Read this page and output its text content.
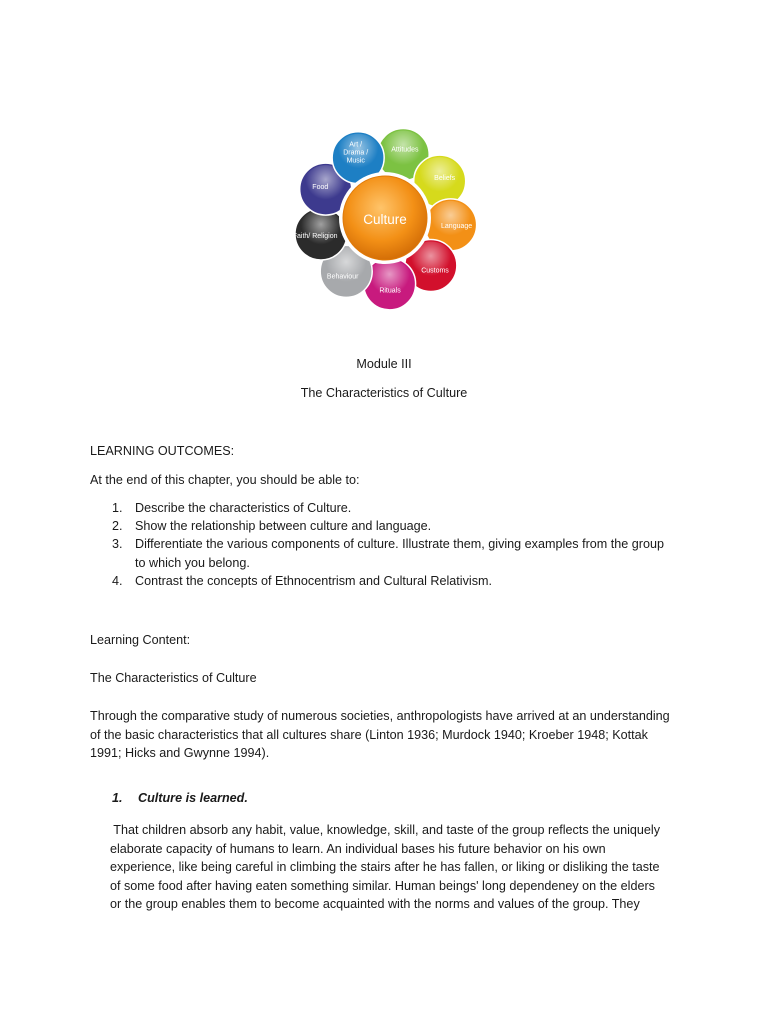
Attitudes
Beliefs
Language
Customs
Rituals
Behaviour
Faith/ Religion
Food
Art / Drama / Music
Culture
Module III
The Characteristics of Culture
LEARNING OUTCOMES:
At the end of this chapter, you should be able to:
1. Describe the characteristics of Culture.
2. Show the relationship between culture and language.
3. Differentiate the various components of culture. Illustrate them, giving examples from the group
to which you belong.
4. Contrast the concepts of Ethnocentrism and Cultural Relativism.
Learning Content:
The Characteristics of Culture
Through the comparative study of numerous societies, anthropologists have arrived at an understanding
of the basic characteristics that all cultures share (Linton 1936; Murdock 1940; Kroeber 1948; Kottak
1991; Hicks and Gwynne 1994).
1. Culture is learned.
That children absorb any habit, value, knowledge, skill, and taste of the group reflects the uniquely
elaborate capacity of humans to learn. An individual bases his future behavior on his own
experience, like being careful in climbing the stairs after he has fallen, or liking or disliking the taste
of some food after having eaten something similar. Human beings' long dependeney on the elders
or the group enables them to become acquainted with the norms and values of the group. They
